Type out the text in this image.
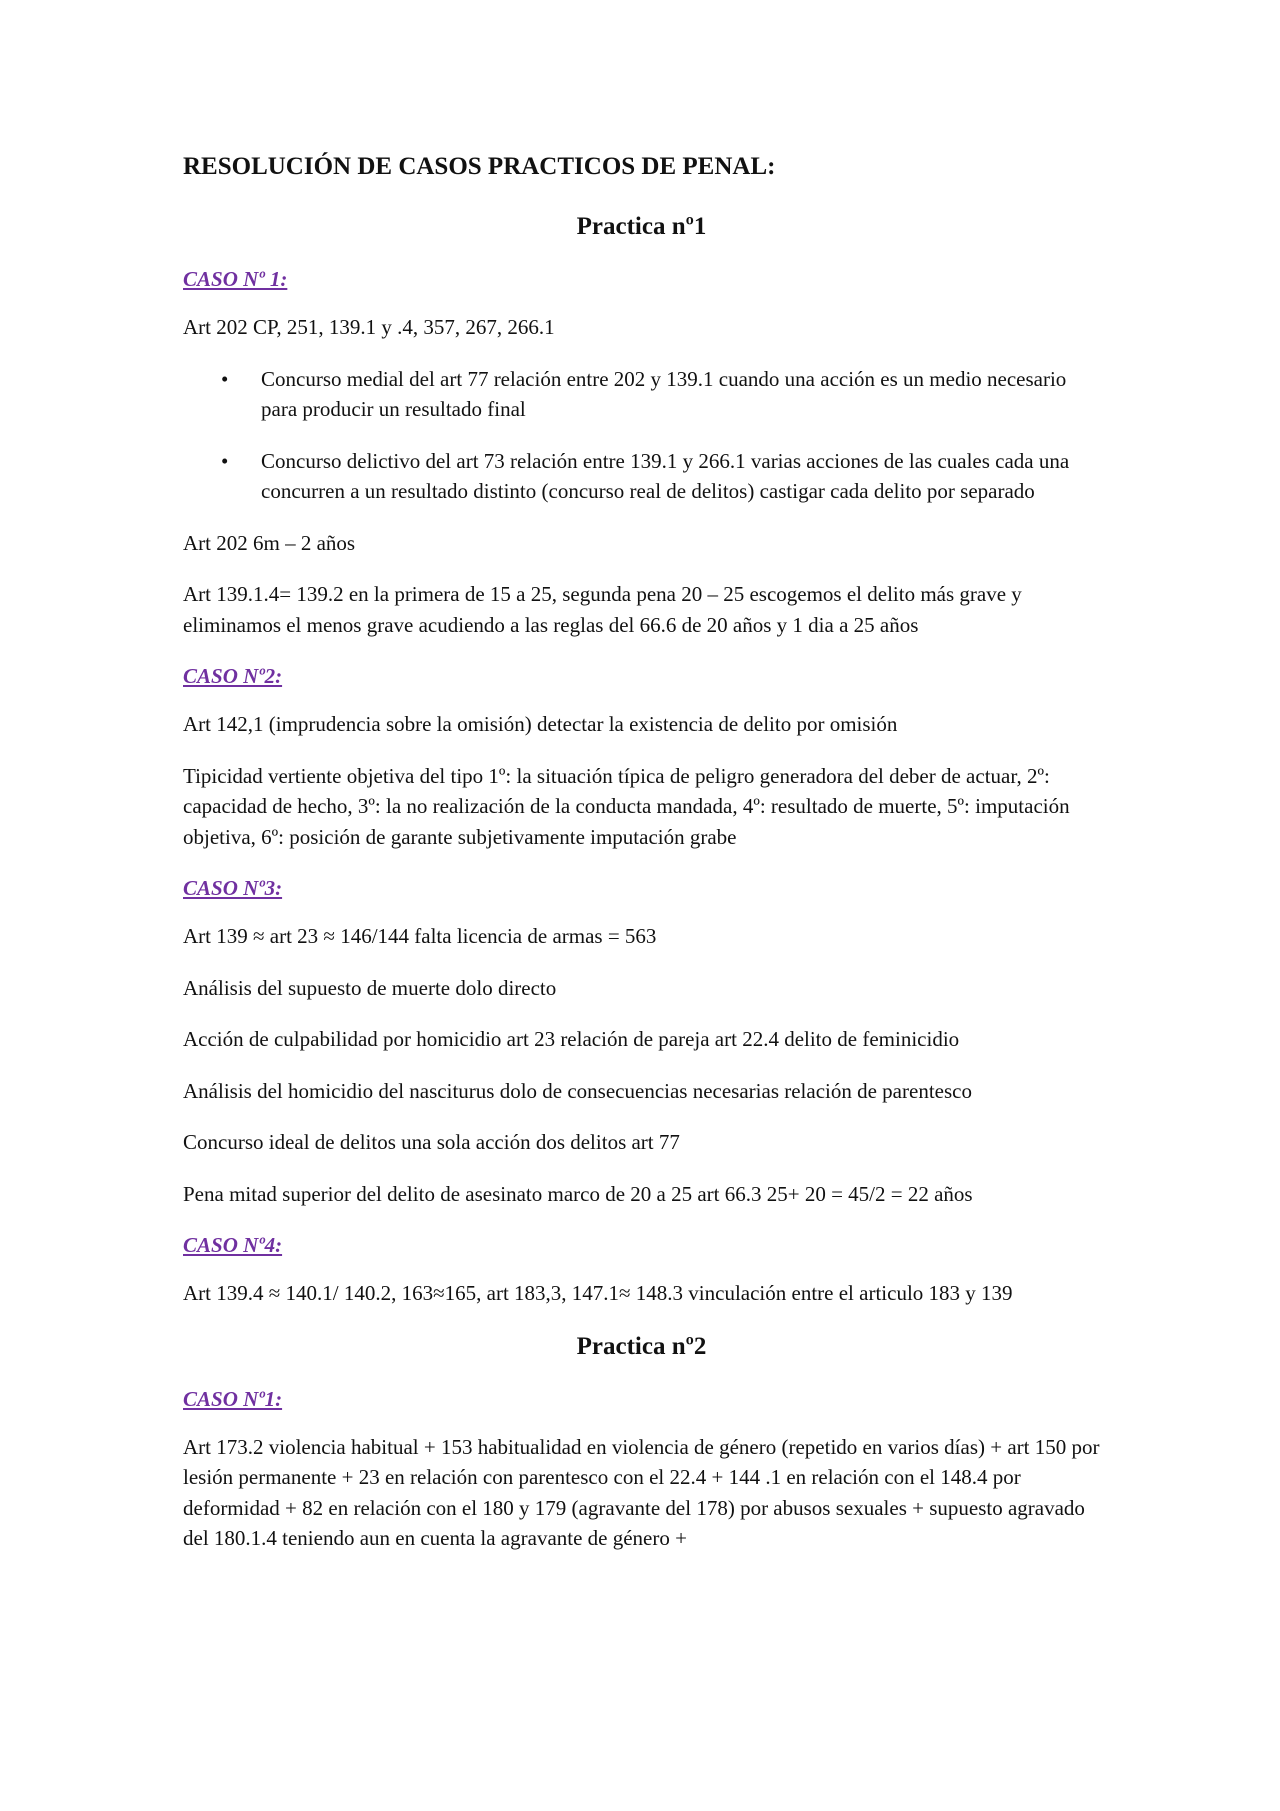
RESOLUCIÓN DE CASOS PRACTICOS DE PENAL:
Practica nº1
CASO Nº 1:

Art 202 CP, 251, 139.1 y .4, 357, 267, 266.1

• Concurso medial del art 77 relación entre 202 y 139.1 cuando una acción es un medio necesario para producir un resultado final
• Concurso delictivo del art 73 relación entre 139.1 y 266.1 varias acciones de las cuales cada una concurren a un resultado distinto (concurso real de delitos) castigar cada delito por separado

Art 202 6m – 2 años

Art 139.1.4= 139.2 en la primera de 15 a 25, segunda pena 20 – 25 escogemos el delito más grave y eliminamos el menos grave acudiendo a las reglas del 66.6 de 20 años y 1 dia a 25 años

CASO Nº2:

Art 142,1 (imprudencia sobre la omisión) detectar la existencia de delito por omisión

Tipicidad vertiente objetiva del tipo 1º: la situación típica de peligro generadora del deber de actuar, 2º: capacidad de hecho, 3º: la no realización de la conducta mandada, 4º: resultado de muerte, 5º: imputación objetiva, 6º: posición de garante subjetivamente imputación grabe

CASO Nº3:

Art 139 ≈ art 23 ≈ 146/144 falta licencia de armas = 563

Análisis del supuesto de muerte dolo directo

Acción de culpabilidad por homicidio art 23 relación de pareja art 22.4 delito de feminicidio

Análisis del homicidio del nasciturus dolo de consecuencias necesarias relación de parentesco

Concurso ideal de delitos una sola acción dos delitos art 77

Pena mitad superior del delito de asesinato marco de 20 a 25 art 66.3 25+ 20 = 45/2 = 22 años

CASO Nº4:

Art 139.4 ≈ 140.1/ 140.2, 163≈165, art 183,3, 147.1≈ 148.3 vinculación entre el articulo 183 y 139

Practica nº2
CASO Nº1:

Art 173.2 violencia habitual + 153 habitualidad en violencia de género (repetido en varios días) + art 150 por lesión permanente + 23 en relación con parentesco con el 22.4 + 144 .1 en relación con el 148.4 por deformidad + 82 en relación con el 180 y 179 (agravante del 178) por abusos sexuales + supuesto agravado del 180.1.4 teniendo aun en cuenta la agravante de género +
